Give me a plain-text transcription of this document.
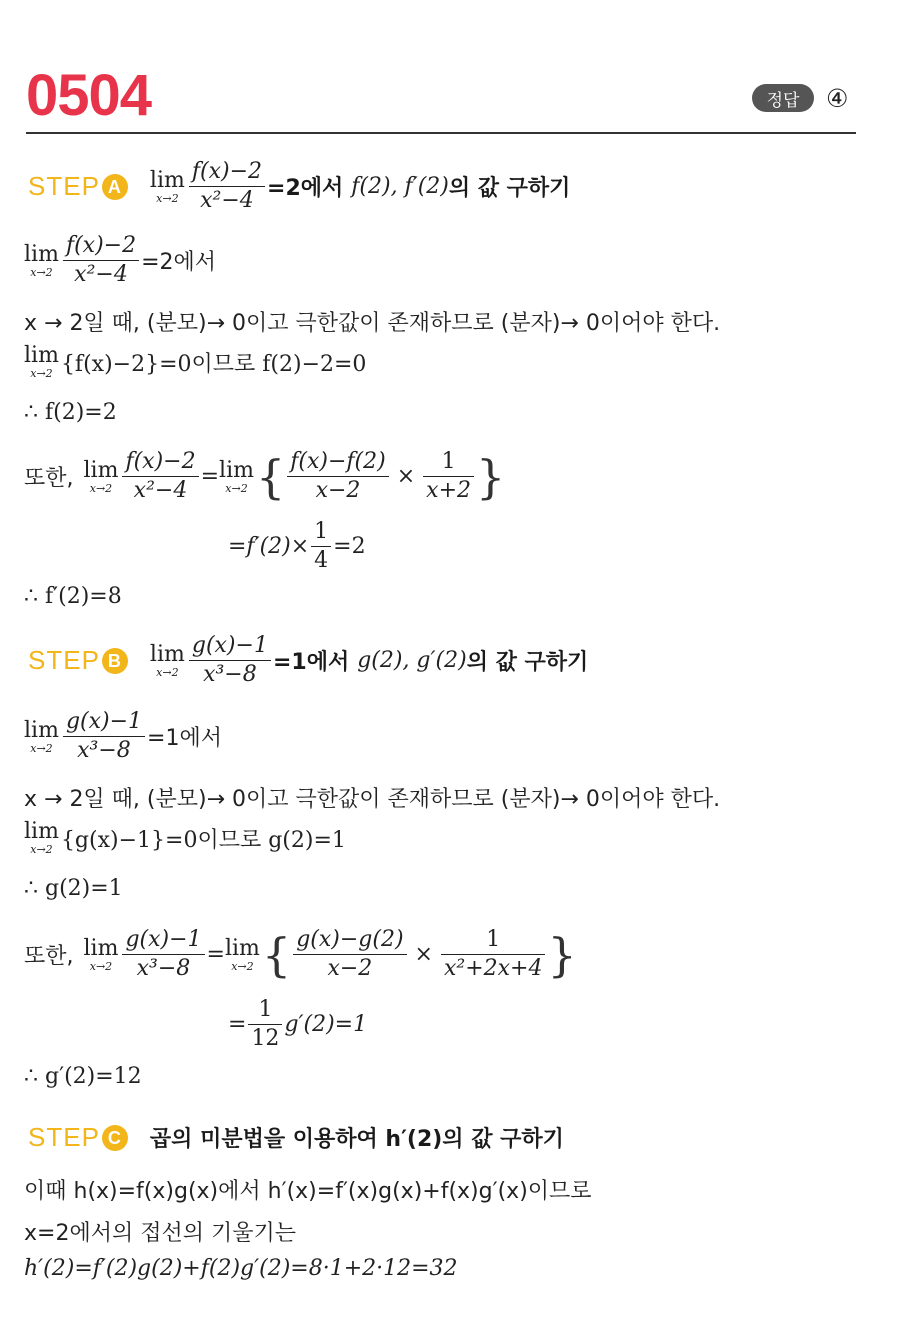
0504	정답	④
STEP A lim
$x\to 2 \frac{f(x)-2}{\text{x²−4}} =2$에서 f(2), f′(2) 의 값 구하기
lim
$x\to 2 \frac{f(x)-2}{\text{x²−4}} =2$에서
x → 2일 때, (분모)→ 0이고 극한값이 존재하므로 (분자)→ 0이어야 한다.
lim
x→2 {f(x)−2}=0이므로 f(2)−2=0
∴ f(2)=2
또한, lim
$x\to 2 \frac{f(x)-2}{\text{x²−4}} = \lim$
x→2 { $\frac{f(x)-f(2)}{x-2} \times \frac{1}{x+2}$ }
$=f'(2)\times \frac{1}{4} =2$
∴ f′(2)=8
STEP B lim
$x\to 2 \frac{g(x)-1}{\text{x³−8}} =1$에서 g(2), g′(2) 의 값 구하기
lim
$x\to 2 \frac{g(x)-1}{\text{x³−8}} =1$에서
x → 2일 때, (분모)→ 0이고 극한값이 존재하므로 (분자)→ 0이어야 한다.
lim
x→2 {g(x)−1}=0이므로 g(2)=1
∴ g(2)=1
또한, lim
$x\to 2 \frac{g(x)-1}{\text{x³−8}} = \lim$
x→2 { $\frac{g(x)-g(2)}{x-2} \times \frac{1}{\text{x²+2x+4}}$ }
= $\frac{1}{12} g'(2)=1$
∴ g′(2)=12
STEP C 곱의 미분법을 이용하여 h′(2)의 값 구하기
이때 h(x)=f(x)g(x)에서 h′(x)=f′(x)g(x)+f(x)g′(x)이므로
x=2에서의 접선의 기울기는
h′(2)=f′(2)g(2)+f(2)g′(2)=8·1+2·12=32
